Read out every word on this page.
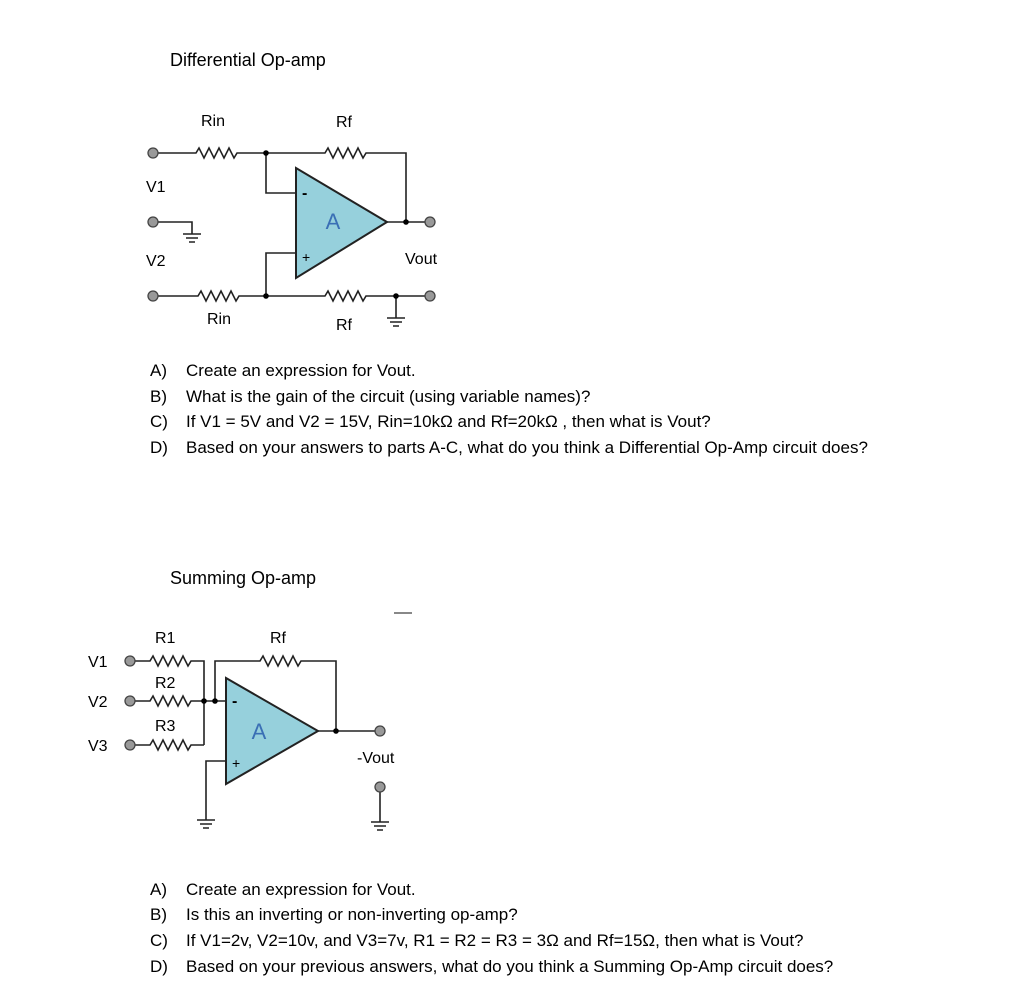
Differential Op-amp
A
-
+
Rin	Rf
V1
V2	Vout
Rin	Rf
A
-
+
V1
V2
V3
R1
R2
R3
Rf
-Vout
A) Create an expression for Vout.
B) What is the gain of the circuit (using variable names)?
C) If V1 = 5V and V2 = 15V, Rin=10kΩ and Rf=20kΩ , then what is Vout?
D) Based on your answers to parts A-C, what do you think a Differential Op-Amp circuit does?
Summing Op-amp
A) Create an expression for Vout.
B) Is this an inverting or non-inverting op-amp?
C) If V1=2v, V2=10v, and V3=7v, R1 = R2 = R3 = 3Ω and Rf=15Ω, then what is Vout?
D) Based on your previous answers, what do you think a Summing Op-Amp circuit does?
